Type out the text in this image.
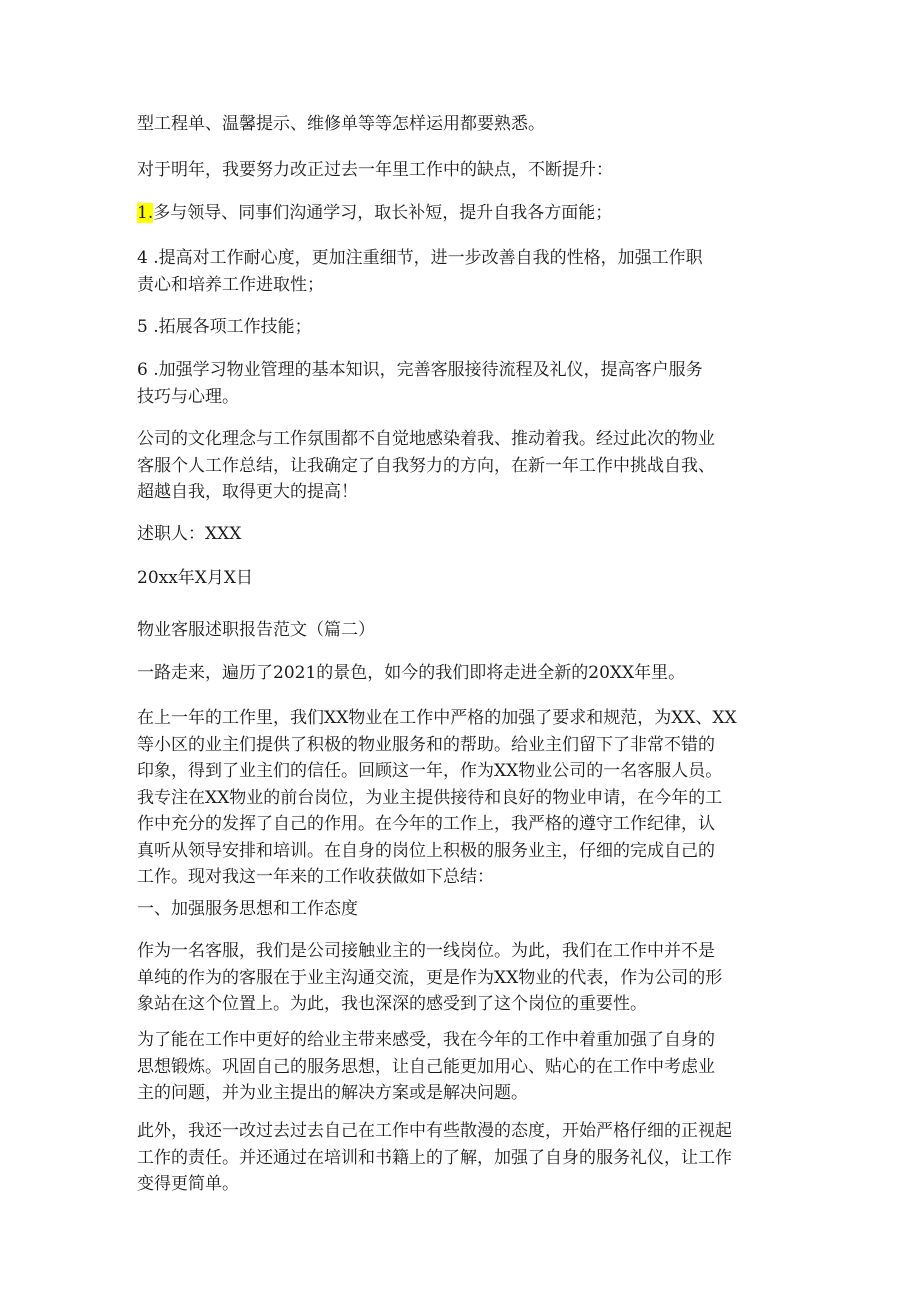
型工程单、温馨提示、维修单等等怎样运用都要熟悉。

对于明年，我要努力改正过去一年里工作中的缺点，不断提升：

1.多与领导、同事们沟通学习，取长补短，提升自我各方面能；

4 .提高对工作耐心度，更加注重细节，进一步改善自我的性格，加强工作职
责心和培养工作进取性；

5 .拓展各项工作技能；

6 .加强学习物业管理的基本知识，完善客服接待流程及礼仪，提高客户服务
技巧与心理。

公司的文化理念与工作氛围都不自觉地感染着我、推动着我。经过此次的物业
客服个人工作总结，让我确定了自我努力的方向，在新一年工作中挑战自我、
超越自我，取得更大的提高！

述职人：XXX

20xx年X月X日

物业客服述职报告范文（篇二）

一路走来，遍历了2021的景色，如今的我们即将走进全新的20XX年里。

在上一年的工作里，我们XX物业在工作中严格的加强了要求和规范，为XX、XX
等小区的业主们提供了积极的物业服务和的帮助。给业主们留下了非常不错的
印象，得到了业主们的信任。回顾这一年，作为XX物业公司的一名客服人员。
我专注在XX物业的前台岗位，为业主提供接待和良好的物业申请，在今年的工
作中充分的发挥了自己的作用。在今年的工作上，我严格的遵守工作纪律，认
真听从领导安排和培训。在自身的岗位上积极的服务业主，仔细的完成自己的
工作。现对我这一年来的工作收获做如下总结：

一、加强服务思想和工作态度

作为一名客服，我们是公司接触业主的一线岗位。为此，我们在工作中并不是
单纯的作为的客服在于业主沟通交流，更是作为XX物业的代表，作为公司的形
象站在这个位置上。为此，我也深深的感受到了这个岗位的重要性。

为了能在工作中更好的给业主带来感受，我在今年的工作中着重加强了自身的
思想锻炼。巩固自己的服务思想，让自己能更加用心、贴心的在工作中考虑业
主的问题，并为业主提出的解决方案或是解决问题。

此外，我还一改过去过去自己在工作中有些散漫的态度，开始严格仔细的正视起
工作的责任。并还通过在培训和书籍上的了解，加强了自身的服务礼仪，让工作
变得更简单。
